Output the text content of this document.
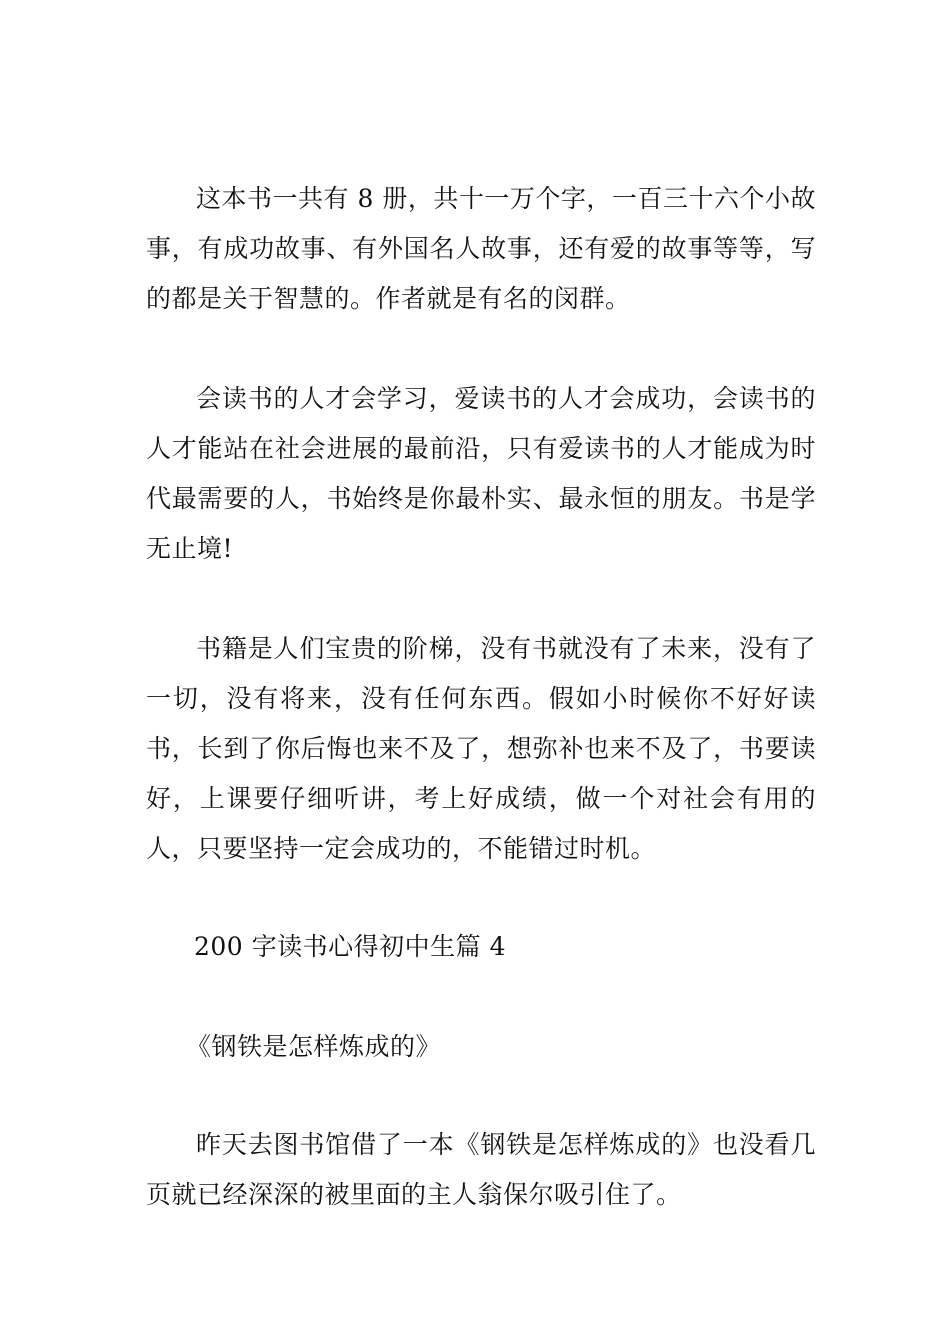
这本书一共有 8 册，共十一万个字，一百三十六个小故事，有成功故事、有外国名人故事，还有爱的故事等等，写的都是关于智慧的。作者就是有名的闵群。

会读书的人才会学习，爱读书的人才会成功，会读书的人才能站在社会进展的最前沿，只有爱读书的人才能成为时代最需要的人，书始终是你最朴实、最永恒的朋友。书是学无止境!

书籍是人们宝贵的阶梯，没有书就没有了未来，没有了一切，没有将来，没有任何东西。假如小时候你不好好读书，长到了你后悔也来不及了，想弥补也来不及了，书要读好，上课要仔细听讲，考上好成绩，做一个对社会有用的人，只要坚持一定会成功的，不能错过时机。

200 字读书心得初中生篇 4

《钢铁是怎样炼成的》

昨天去图书馆借了一本《钢铁是怎样炼成的》也没看几页就已经深深的被里面的主人翁保尔吸引住了。
